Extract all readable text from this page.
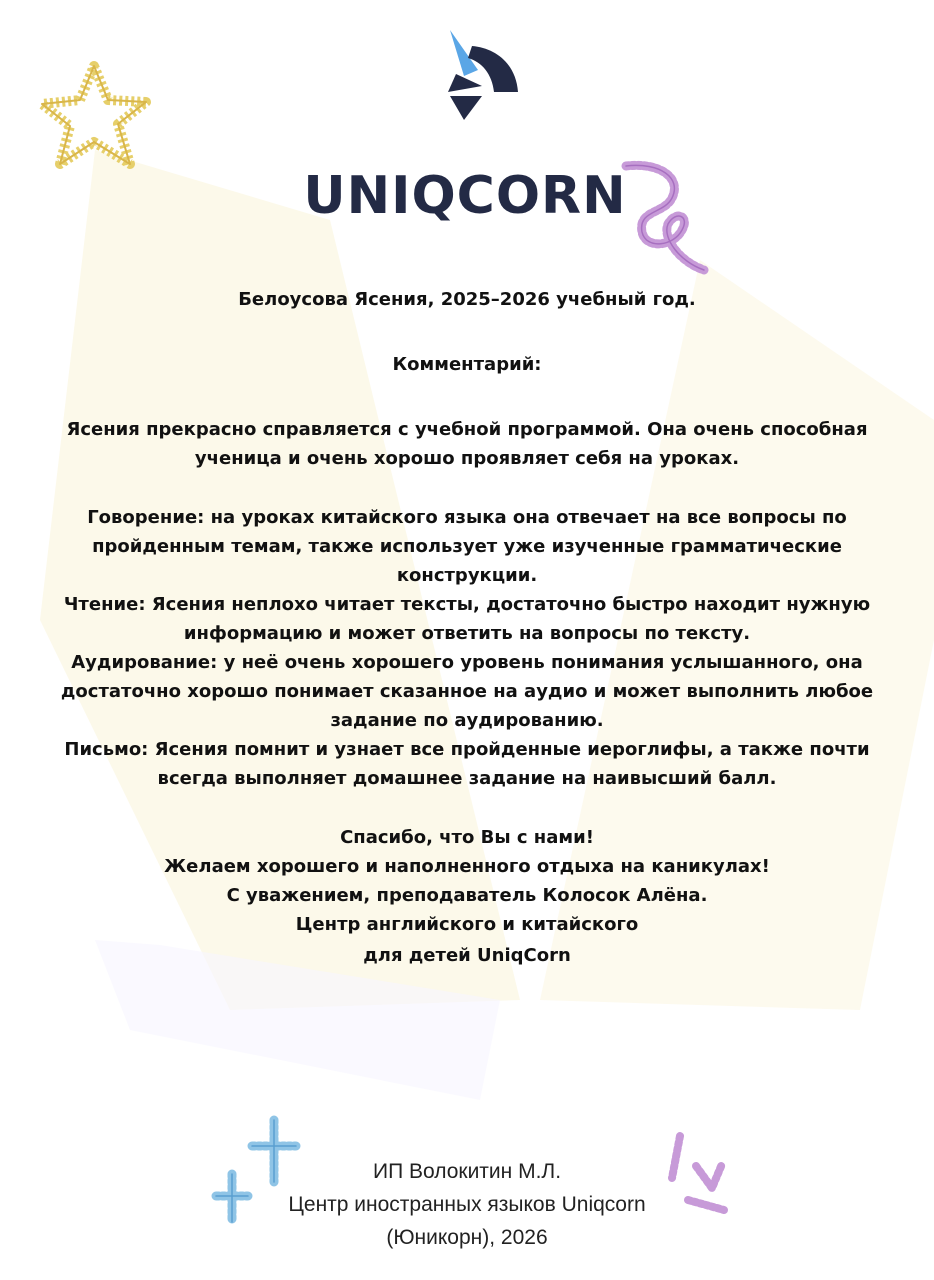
UNIQCORN

Белоусова Ясения, 2025–2026 учебный год.

Комментарий:

Ясения прекрасно справляется с учебной программой. Она очень способная

ученица и очень хорошо проявляет себя на уроках.

Говорение: на уроках китайского языка она отвечает на все вопросы по

пройденным темам, также использует уже изученные грамматические

конструкции.

Чтение: Ясения неплохо читает тексты, достаточно быстро находит нужную

информацию и может ответить на вопросы по тексту.

Аудирование: у неё очень хорошего уровень понимания услышанного, она

достаточно хорошо понимает сказанное на аудио и может выполнить любое

задание по аудированию.

Письмо: Ясения помнит и узнает все пройденные иероглифы, а также почти

всегда выполняет домашнее задание на наивысший балл.

Спасибо, что Вы с нами!

Желаем хорошего и наполненного отдыха на каникулах!

С уважением, преподаватель Колосок Алёна.

Центр английского и китайского

для детей UniqCorn

ИП Волокитин М.Л.
Центр иностранных языков Uniqcorn
(Юникорн), 2026
